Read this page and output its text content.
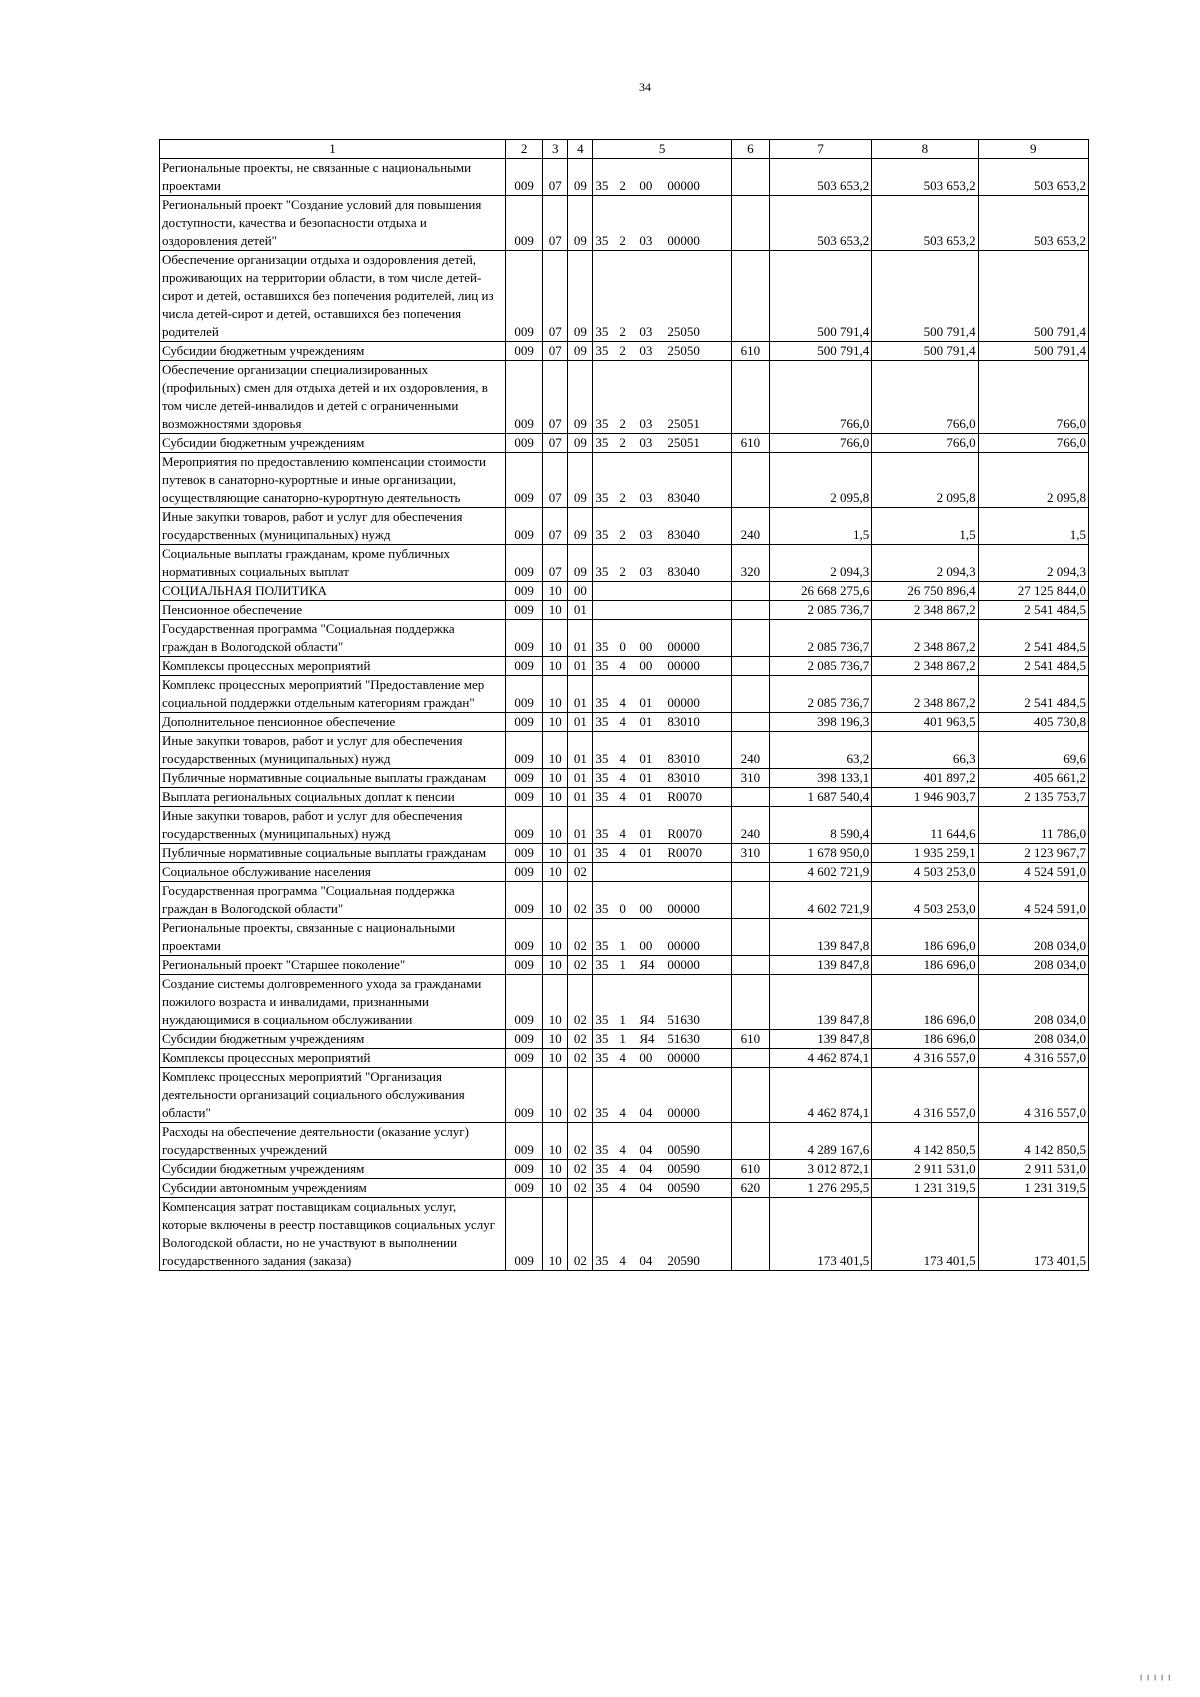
34
1	2	3	4	5	6	7	8	9
Региональные проекты, не связанные с национальными проектами	009	07	09	35 2 00 00000		503 653,2	503 653,2	503 653,2
Региональный проект "Создание условий для повышения доступности, качества и безопасности отдыха и оздоровления детей"	009	07	09	35 2 03 00000		503 653,2	503 653,2	503 653,2
Обеспечение организации отдыха и оздоровления детей, проживающих на территории области, в том числе детей-сирот и детей, оставшихся без попечения родителей, лиц из числа детей-сирот и детей, оставшихся без попечения родителей	009	07	09	35 2 03 25050		500 791,4	500 791,4	500 791,4
Субсидии бюджетным учреждениям	009	07	09	35 2 03 25050	610	500 791,4	500 791,4	500 791,4
Обеспечение организации специализированных (профильных) смен для отдыха детей и их оздоровления, в том числе детей-инвалидов и детей с ограниченными возможностями здоровья	009	07	09	35 2 03 25051		766,0	766,0	766,0
Субсидии бюджетным учреждениям	009	07	09	35 2 03 25051	610	766,0	766,0	766,0
Мероприятия по предоставлению компенсации стоимости путевок в санаторно-курортные и иные организации, осуществляющие санаторно-курортную деятельность	009	07	09	35 2 03 83040		2 095,8	2 095,8	2 095,8
Иные закупки товаров, работ и услуг для обеспечения государственных (муниципальных) нужд	009	07	09	35 2 03 83040	240	1,5	1,5	1,5
Социальные выплаты гражданам, кроме публичных нормативных социальных выплат	009	07	09	35 2 03 83040	320	2 094,3	2 094,3	2 094,3
СОЦИАЛЬНАЯ ПОЛИТИКА	009	10	00			26 668 275,6	26 750 896,4	27 125 844,0
Пенсионное обеспечение	009	10	01			2 085 736,7	2 348 867,2	2 541 484,5
Государственная программа "Социальная поддержка граждан в Вологодской области"	009	10	01	35 0 00 00000		2 085 736,7	2 348 867,2	2 541 484,5
Комплексы процессных мероприятий	009	10	01	35 4 00 00000		2 085 736,7	2 348 867,2	2 541 484,5
Комплекс процессных мероприятий "Предоставление мер социальной поддержки отдельным категориям граждан"	009	10	01	35 4 01 00000		2 085 736,7	2 348 867,2	2 541 484,5
Дополнительное пенсионное обеспечение	009	10	01	35 4 01 83010		398 196,3	401 963,5	405 730,8
Иные закупки товаров, работ и услуг для обеспечения государственных (муниципальных) нужд	009	10	01	35 4 01 83010	240	63,2	66,3	69,6
Публичные нормативные социальные выплаты гражданам	009	10	01	35 4 01 83010	310	398 133,1	401 897,2	405 661,2
Выплата региональных социальных доплат к пенсии	009	10	01	35 4 01 R0070		1 687 540,4	1 946 903,7	2 135 753,7
Иные закупки товаров, работ и услуг для обеспечения государственных (муниципальных) нужд	009	10	01	35 4 01 R0070	240	8 590,4	11 644,6	11 786,0
Публичные нормативные социальные выплаты гражданам	009	10	01	35 4 01 R0070	310	1 678 950,0	1 935 259,1	2 123 967,7
Социальное обслуживание населения	009	10	02			4 602 721,9	4 503 253,0	4 524 591,0
Государственная программа "Социальная поддержка граждан в Вологодской области"	009	10	02	35 0 00 00000		4 602 721,9	4 503 253,0	4 524 591,0
Региональные проекты, связанные с национальными проектами	009	10	02	35 1 00 00000		139 847,8	186 696,0	208 034,0
Региональный проект "Старшее поколение"	009	10	02	35 1 Я4 00000		139 847,8	186 696,0	208 034,0
Создание системы долговременного ухода за гражданами пожилого возраста и инвалидами, признанными нуждающимися в социальном обслуживании	009	10	02	35 1 Я4 51630		139 847,8	186 696,0	208 034,0
Субсидии бюджетным учреждениям	009	10	02	35 1 Я4 51630	610	139 847,8	186 696,0	208 034,0
Комплексы процессных мероприятий	009	10	02	35 4 00 00000		4 462 874,1	4 316 557,0	4 316 557,0
Комплекс процессных мероприятий "Организация деятельности организаций социального обслуживания области"	009	10	02	35 4 04 00000		4 462 874,1	4 316 557,0	4 316 557,0
Расходы на обеспечение деятельности (оказание услуг) государственных учреждений	009	10	02	35 4 04 00590		4 289 167,6	4 142 850,5	4 142 850,5
Субсидии бюджетным учреждениям	009	10	02	35 4 04 00590	610	3 012 872,1	2 911 531,0	2 911 531,0
Субсидии автономным учреждениям	009	10	02	35 4 04 00590	620	1 276 295,5	1 231 319,5	1 231 319,5
Компенсация затрат поставщикам социальных услуг, которые включены в реестр поставщиков социальных услуг Вологодской области, но не участвуют в выполнении государственного задания (заказа)	009	10	02	35 4 04 20590		173 401,5	173 401,5	173 401,5
╵╵╵╵╵
